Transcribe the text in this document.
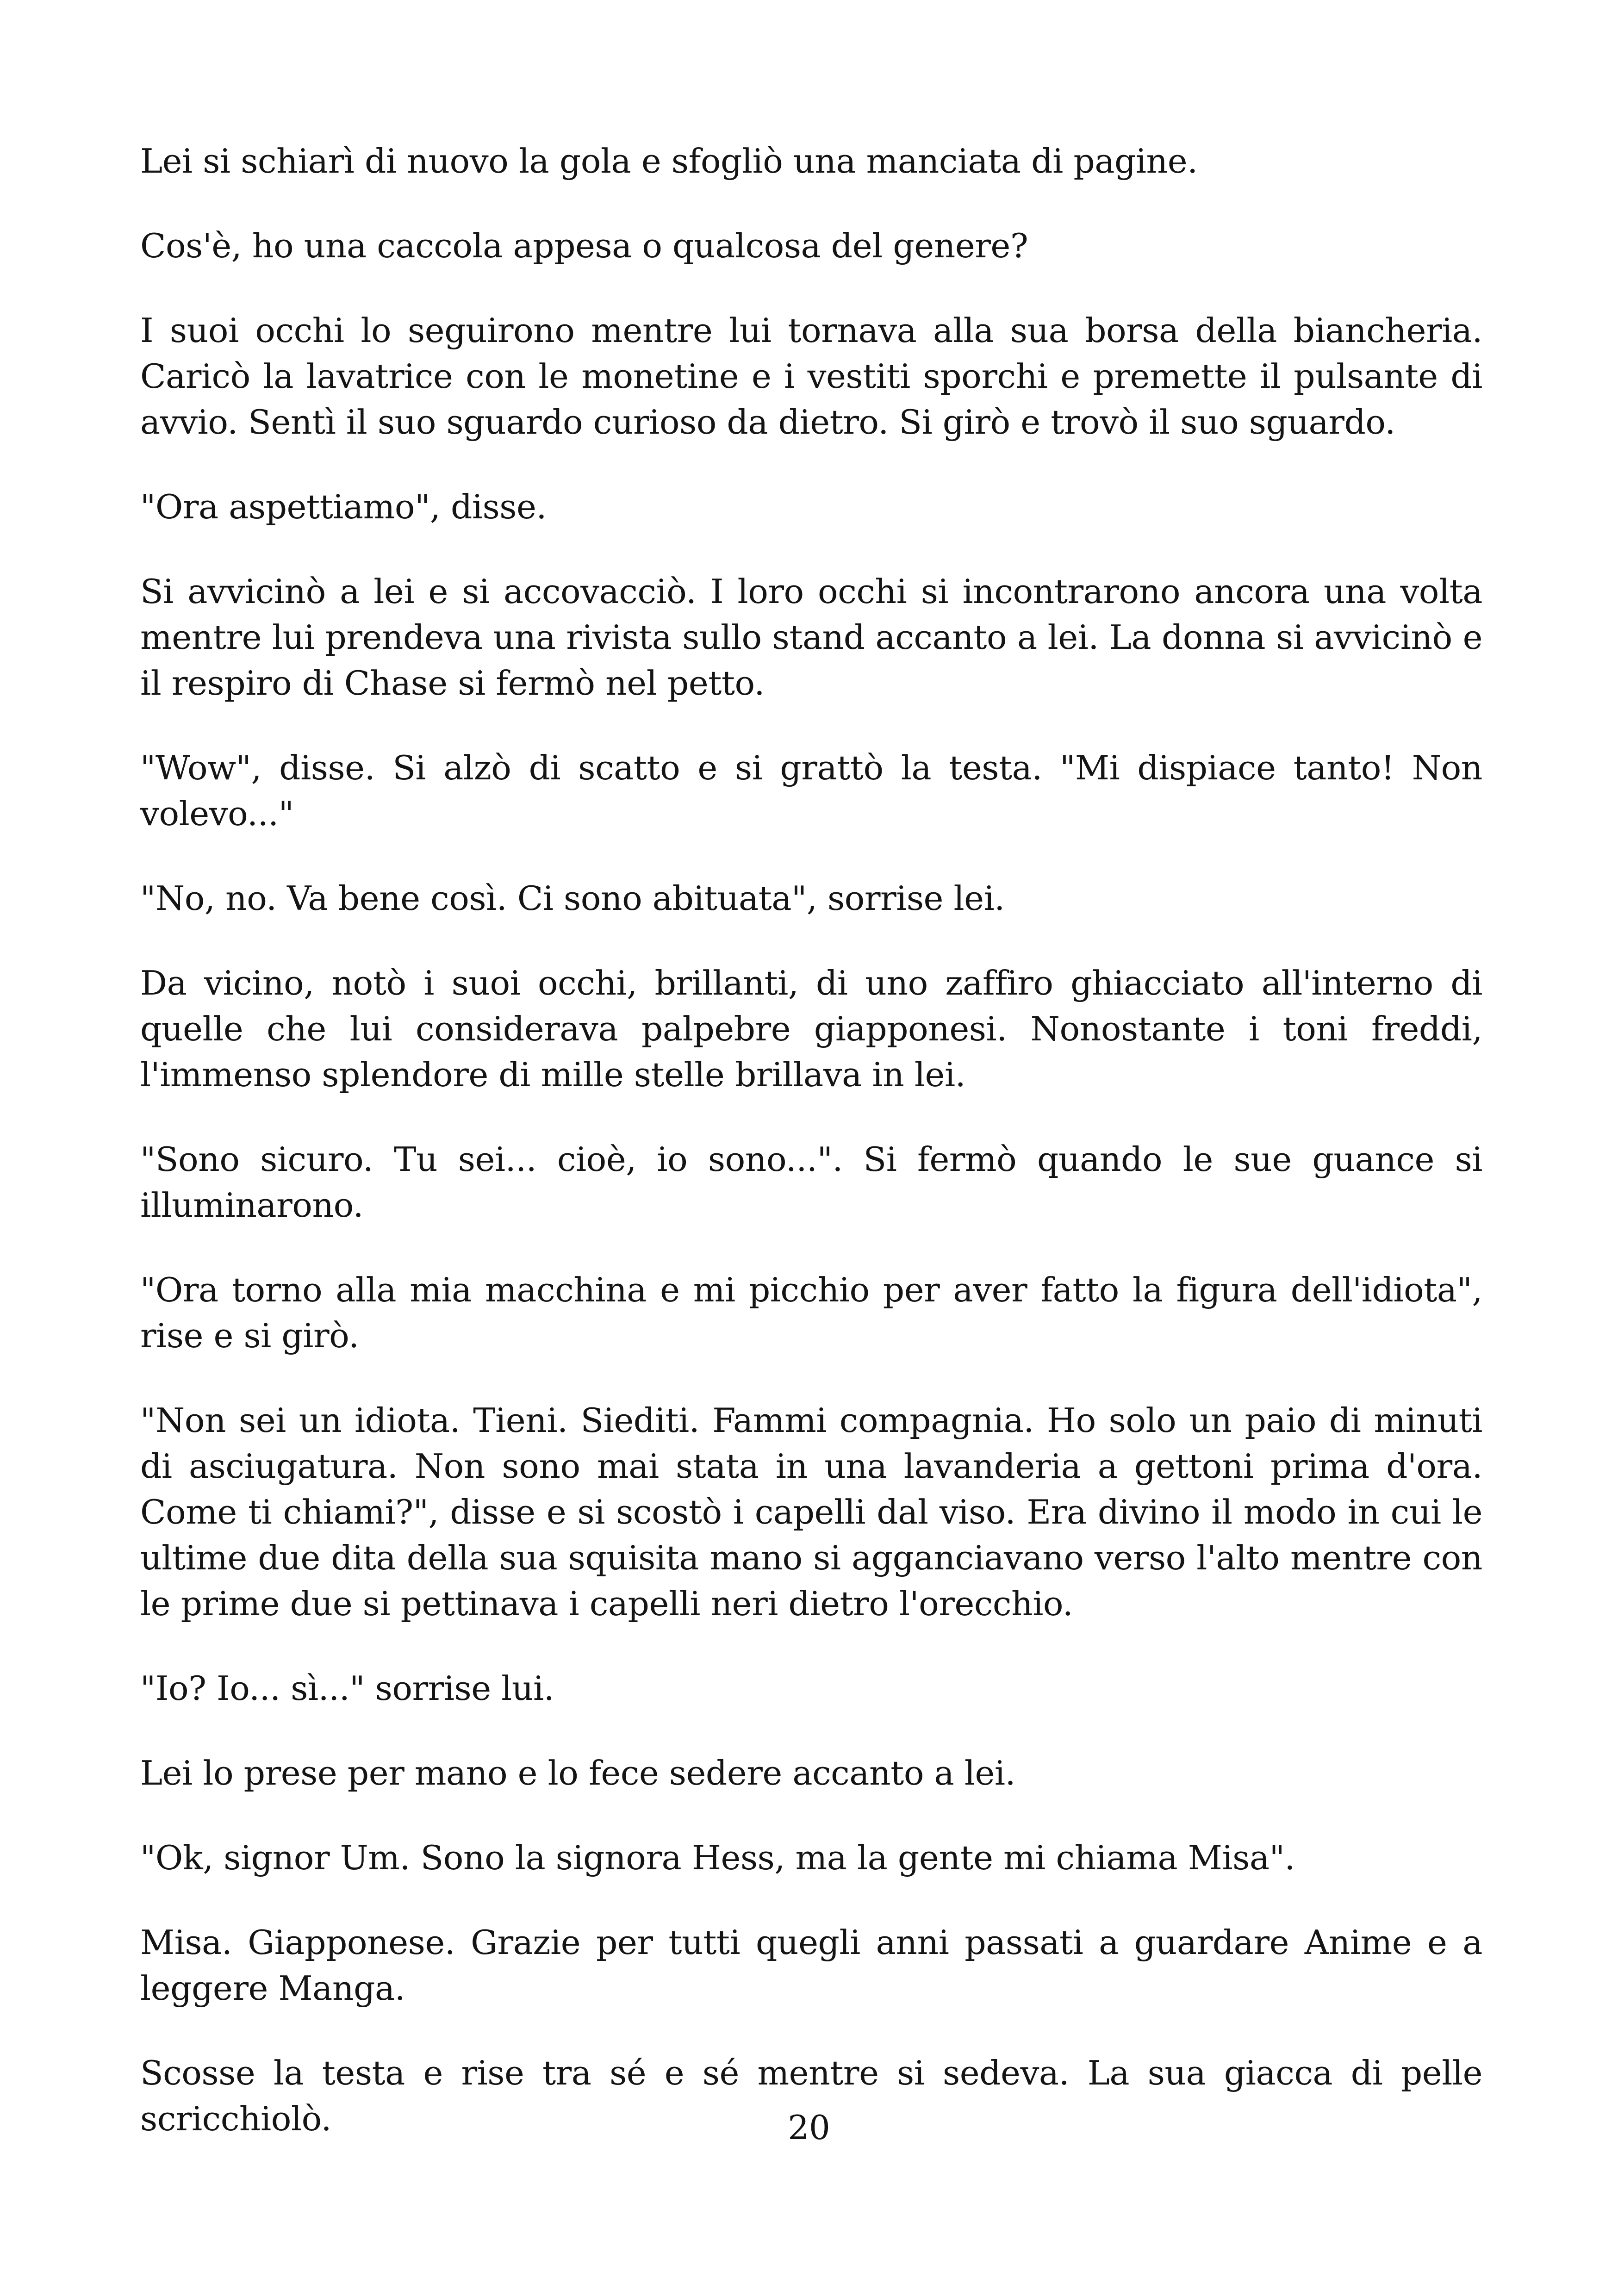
Lei si schiarì di nuovo la gola e sfogliò una manciata di pagine.

Cos'è, ho una caccola appesa o qualcosa del genere?

I suoi occhi lo seguirono mentre lui tornava alla sua borsa della biancheria. Caricò la lavatrice con le monetine e i vestiti sporchi e premette il pulsante di avvio. Sentì il suo sguardo curioso da dietro. Si girò e trovò il suo sguardo.

"Ora aspettiamo", disse.

Si avvicinò a lei e si accovacciò. I loro occhi si incontrarono ancora una volta mentre lui prendeva una rivista sullo stand accanto a lei. La donna si avvicinò e il respiro di Chase si fermò nel petto.

"Wow", disse. Si alzò di scatto e si grattò la testa. "Mi dispiace tanto! Non volevo..."

"No, no. Va bene così. Ci sono abituata", sorrise lei.

Da vicino, notò i suoi occhi, brillanti, di uno zaffiro ghiacciato all'interno di quelle che lui considerava palpebre giapponesi. Nonostante i toni freddi, l'immenso splendore di mille stelle brillava in lei.

"Sono sicuro. Tu sei... cioè, io sono...". Si fermò quando le sue guance si illuminarono.

"Ora torno alla mia macchina e mi picchio per aver fatto la figura dell'idiota", rise e si girò.

"Non sei un idiota. Tieni. Siediti. Fammi compagnia. Ho solo un paio di minuti di asciugatura. Non sono mai stata in una lavanderia a gettoni prima d'ora. Come ti chiami?", disse e si scostò i capelli dal viso. Era divino il modo in cui le ultime due dita della sua squisita mano si agganciavano verso l'alto mentre con le prime due si pettinava i capelli neri dietro l'orecchio.

"Io? Io... sì..." sorrise lui.

Lei lo prese per mano e lo fece sedere accanto a lei.

"Ok, signor Um. Sono la signora Hess, ma la gente mi chiama Misa".

Misa. Giapponese. Grazie per tutti quegli anni passati a guardare Anime e a leggere Manga.

Scosse la testa e rise tra sé e sé mentre si sedeva. La sua giacca di pelle scricchiolò.	20
